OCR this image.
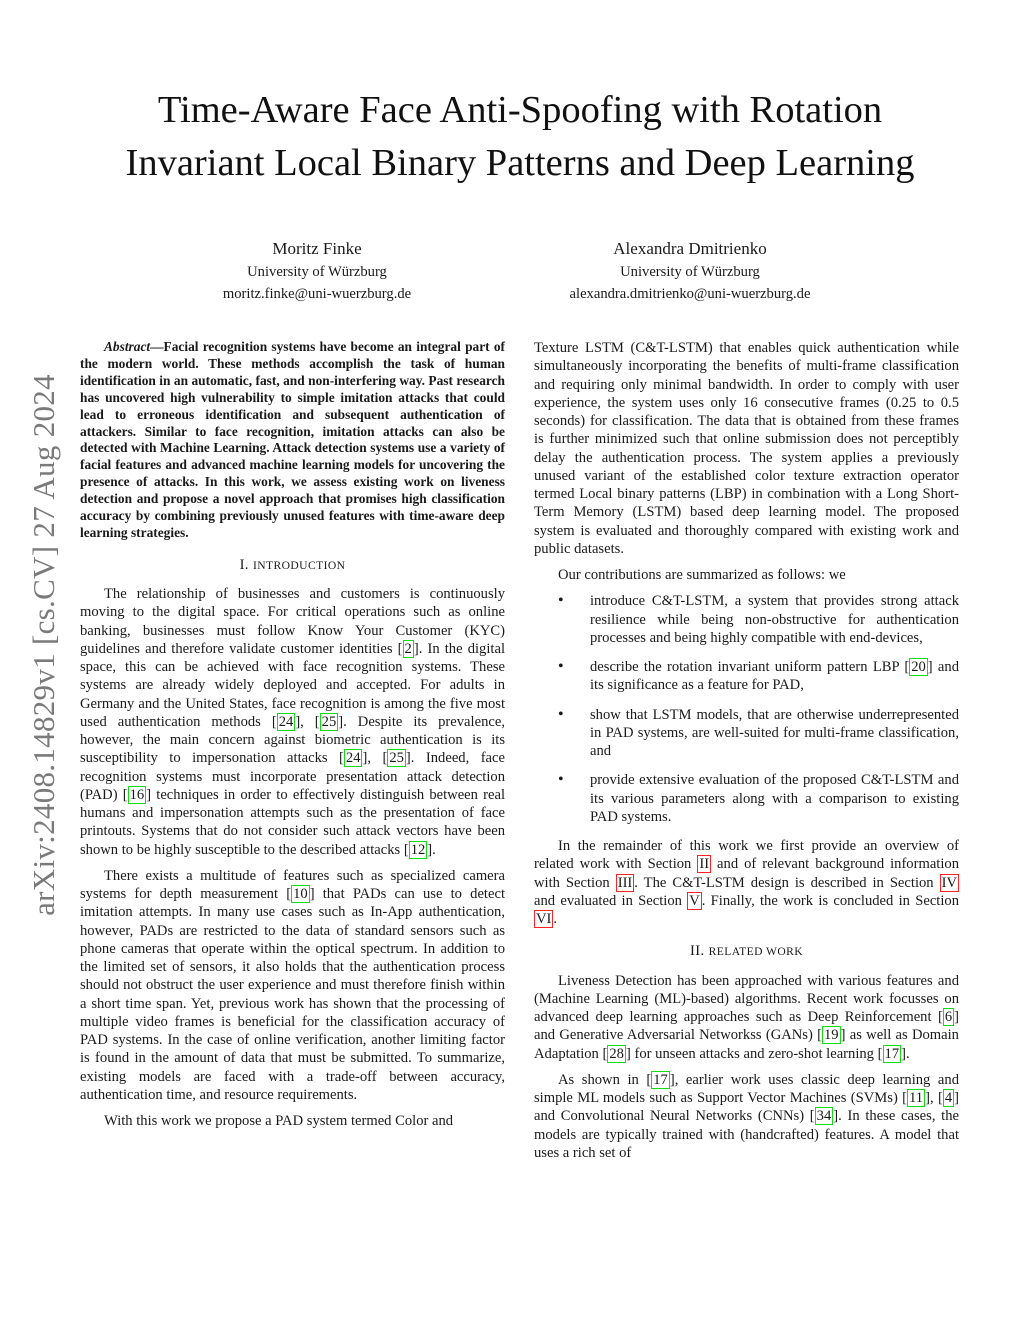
arXiv:2408.14829v1 [cs.CV] 27 Aug 2024
Time-Aware Face Anti-Spoofing with Rotation
Invariant Local Binary Patterns and Deep Learning
Moritz Finke
University of Würzburg
moritz.finke@uni-wuerzburg.de
Alexandra Dmitrienko
University of Würzburg
alexandra.dmitrienko@uni-wuerzburg.de

Abstract—Facial recognition systems have become an integral part of the modern world. These methods accomplish the task of human identification in an automatic, fast, and non-interfering way. Past research has uncovered high vulnerability to simple imitation attacks that could lead to erroneous identification and subsequent authentication of attackers. Similar to face recognition, imitation attacks can also be detected with Machine Learning. Attack detection systems use a variety of facial features and advanced machine learning models for uncovering the presence of attacks. In this work, we assess existing work on liveness detection and propose a novel approach that promises high classification accuracy by combining previously unused features with time-aware deep learning strategies.

I. INTRODUCTION

The relationship of businesses and customers is continuously moving to the digital space. For critical operations such as online banking, businesses must follow Know Your Customer (KYC) guidelines and therefore validate customer identities [ 2 ]. In the digital space, this can be achieved with face recognition systems. These systems are already widely deployed and accepted. For adults in Germany and the United States, face recognition is among the five most used authentication methods [ 24 ], [ 25 ]. Despite its prevalence, however, the main concern against biometric authentication is its susceptibility to impersonation attacks [ 24 ], [ 25 ]. Indeed, face recognition systems must incorporate presentation attack detection (PAD) [ 16 ] techniques in order to effectively distinguish between real humans and impersonation attempts such as the presentation of face printouts. Systems that do not consider such attack vectors have been shown to be highly susceptible to the described attacks [ 12 ].

There exists a multitude of features such as specialized camera systems for depth measurement [ 10 ] that PADs can use to detect imitation attempts. In many use cases such as In-App authentication, however, PADs are restricted to the data of standard sensors such as phone cameras that operate within the optical spectrum. In addition to the limited set of sensors, it also holds that the authentication process should not obstruct the user experience and must therefore finish within a short time span. Yet, previous work has shown that the processing of multiple video frames is beneficial for the classification accuracy of PAD systems. In the case of online verification, another limiting factor is found in the amount of data that must be submitted. To summarize, existing models are faced with a trade-off between accuracy, authentication time, and resource requirements.

With this work we propose a PAD system termed Color and

Texture LSTM (C&T-LSTM) that enables quick authentication while simultaneously incorporating the benefits of multi-frame classification and requiring only minimal bandwidth. In order to comply with user experience, the system uses only 16 consecutive frames (0.25 to 0.5 seconds) for classification. The data that is obtained from these frames is further minimized such that online submission does not perceptibly delay the authentication process. The system applies a previously unused variant of the established color texture extraction operator termed Local binary patterns (LBP) in combination with a Long Short-Term Memory (LSTM) based deep learning model. The proposed system is evaluated and thoroughly compared with existing work and public datasets.

Our contributions are summarized as follows: we

• introduce C&T-LSTM, a system that provides strong attack resilience while being non-obstructive for authentication processes and being highly compatible with end-devices,
• describe the rotation invariant uniform pattern LBP [ 20 ] and its significance as a feature for PAD,
• show that LSTM models, that are otherwise underrepresented in PAD systems, are well-suited for multi-frame classification, and
• provide extensive evaluation of the proposed C&T-LSTM and its various parameters along with a comparison to existing PAD systems.

In the remainder of this work we first provide an overview of related work with Section II and of relevant background information with Section III . The C&T-LSTM design is described in Section IV and evaluated in Section V . Finally, the work is concluded in Section VI .

II. RELATED WORK

Liveness Detection has been approached with various features and (Machine Learning (ML)-based) algorithms. Recent work focusses on advanced deep learning approaches such as Deep Reinforcement [ 6 ] and Generative Adversarial Networkss (GANs) [ 19 ] as well as Domain Adaptation [ 28 ] for unseen attacks and zero-shot learning [ 17 ].

As shown in [ 17 ], earlier work uses classic deep learning and simple ML models such as Support Vector Machines (SVMs) [ 11 ], [ 4 ] and Convolutional Neural Networks (CNNs) [ 34 ]. In these cases, the models are typically trained with (handcrafted) features. A model that uses a rich set of
